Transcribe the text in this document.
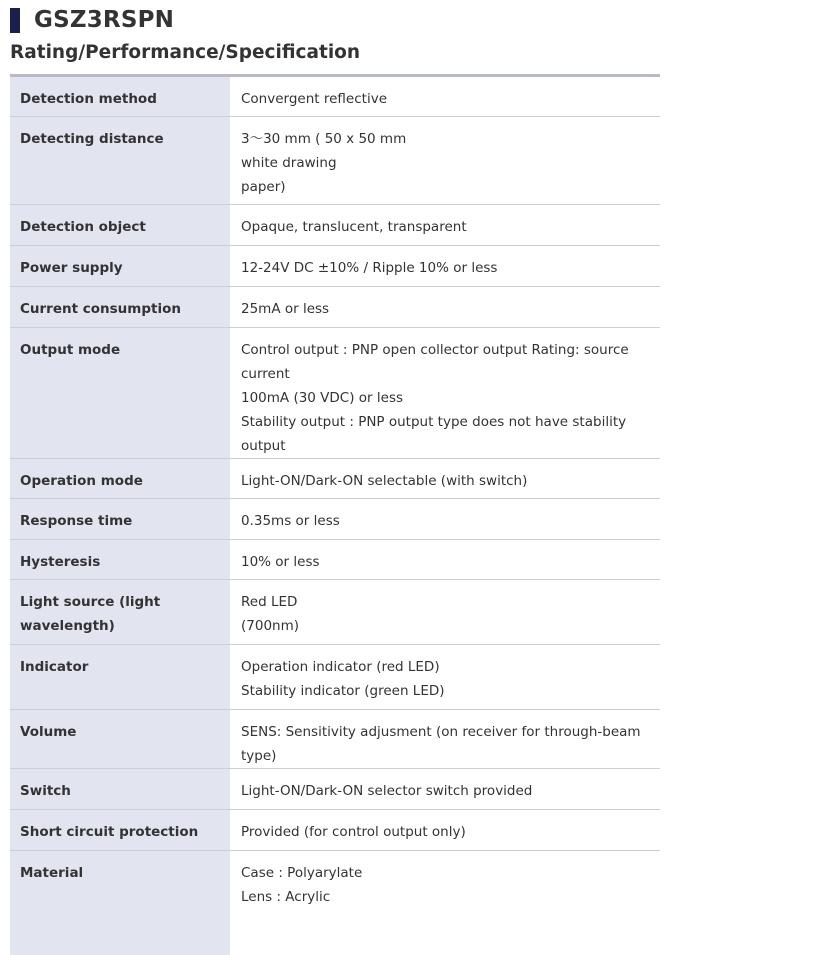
GSZ3RSPN
Rating/Performance/Specification
Detection method	Convergent reflective

Detecting distance	3～30 mm ( 50 x 50 mm
white drawing
paper)

Detection object	Opaque, translucent, transparent

Power supply	12-24V DC ±10% / Ripple 10% or less

Current consumption	25mA or less

Output mode	Control output : PNP open collector output Rating: source current
100mA (30 VDC) or less
Stability output : PNP output type does not have stability output

Operation mode	Light-ON/Dark-ON selectable (with switch)

Response time	0.35ms or less

Hysteresis	10% or less

Light source (light wavelength)	Red LED
(700nm)

Indicator	Operation indicator (red LED)
Stability indicator (green LED)

Volume	SENS: Sensitivity adjusment (on receiver for through-beam type)

Switch	Light-ON/Dark-ON selector switch provided

Short circuit protection	Provided (for control output only)

Material	Case : Polyarylate
Lens : Acrylic
